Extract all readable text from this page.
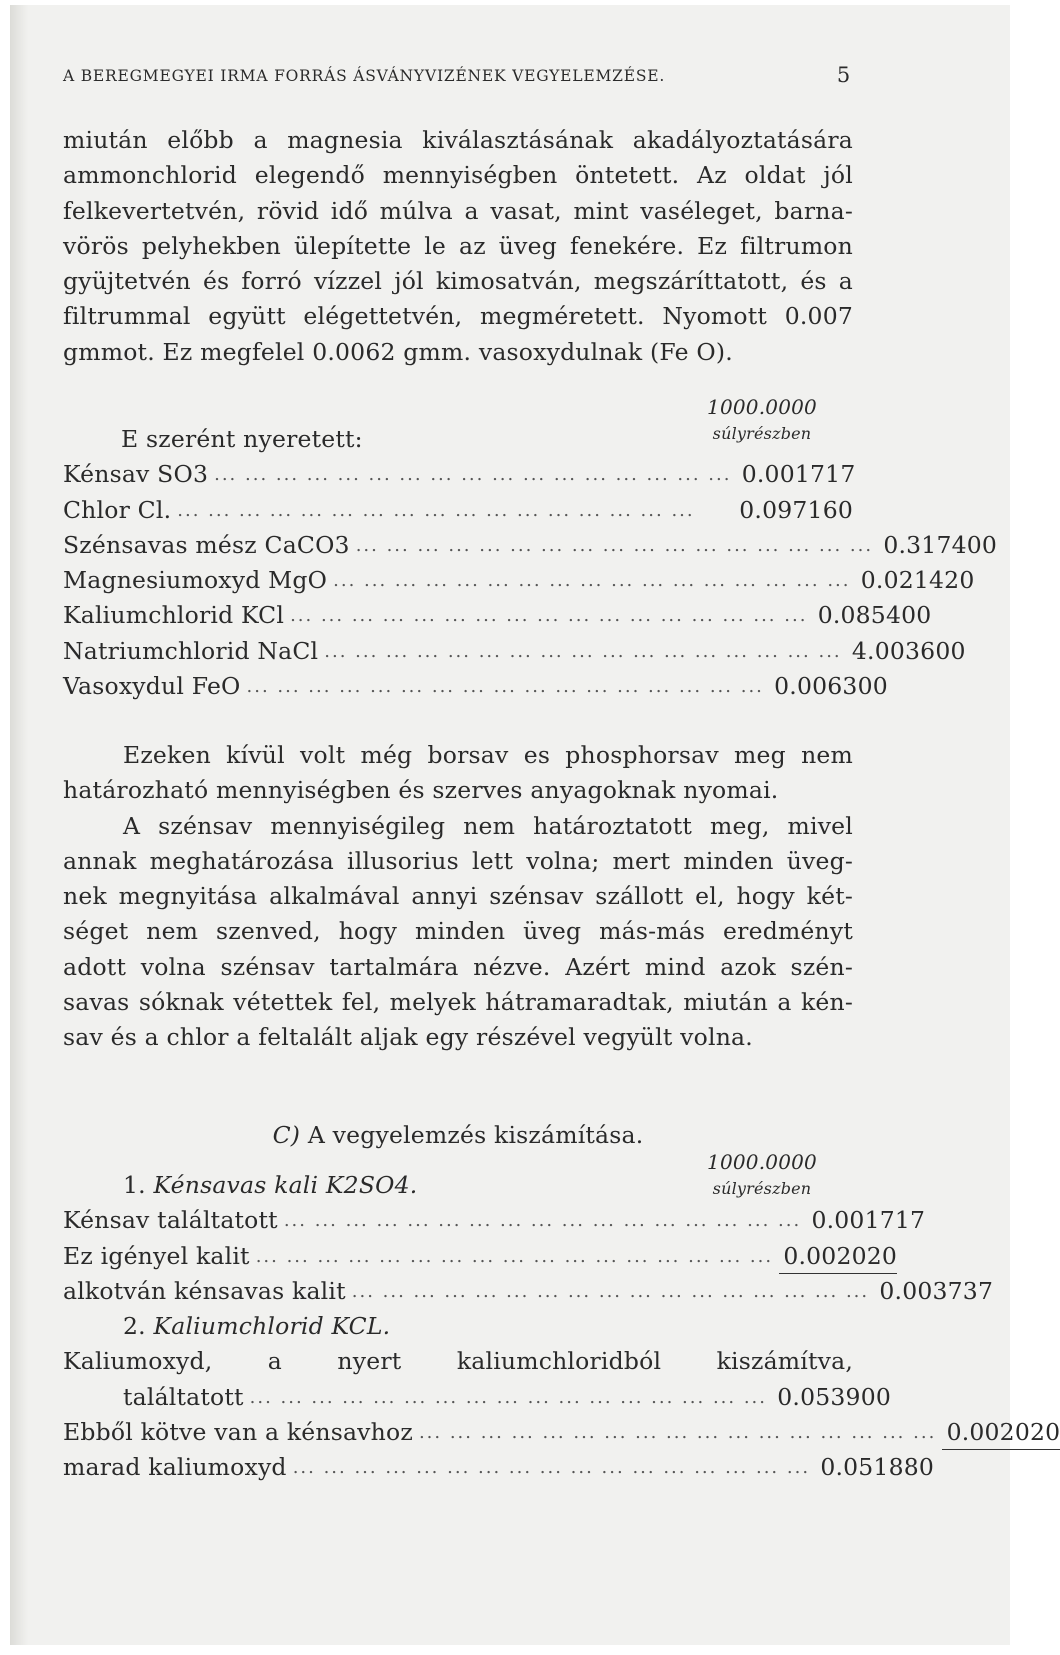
A BEREGMEGYEI IRMA FORRÁS ÁSVÁNYVIZÉNEK VEGYELEMZÉSE.	5
miután előbb a magnesia kiválasztásának akadályoztatására
ammonchlorid elegendő mennyiségben öntetett. Az oldat jól
felkevertetvén, rövid idő múlva a vasat, mint vaséleget, barna-
vörös pelyhekben ülepítette le az üveg fenekére. Ez filtrumon
gyüjtetvén és forró vízzel jól kimosatván, megszáríttatott, és a
filtrummal együtt elégettetvén, megméretett. Nyomott 0.007
gmmot. Ez megfelel 0.0062 gmm. vasoxydulnak (Fe O).
1000.0000
súlyrészben
E szerént nyeretett:
Kénsav SO3 ... ... ... ... ... ... ... ... ... ... ... ... ... ... ... ... ... 0.001717
Chlor Cl. ... ... ... ... ... ... ... ... ... ... ... ... ... ... ... ... ...	0.097160
Szénsavas mész CaCO3 ... ... ... ... ... ... ... ... ... ... ... ... ... ... ... ... ... 0.317400
Magnesiumoxyd MgO ... ... ... ... ... ... ... ... ... ... ... ... ... ... ... ... ... 0.021420
Kaliumchlorid KCl ... ... ... ... ... ... ... ... ... ... ... ... ... ... ... ... ... 0.085400
Natriumchlorid NaCl ... ... ... ... ... ... ... ... ... ... ... ... ... ... ... ... ... 4.003600
Vasoxydul FeO ... ... ... ... ... ... ... ... ... ... ... ... ... ... ... ... ... 0.006300
Ezeken kívül volt még borsav es phosphorsav meg nem
határozható mennyiségben és szerves anyagoknak nyomai.
A szénsav mennyiségileg nem határoztatott meg, mivel
annak meghatározása illusorius lett volna; mert minden üveg-
nek megnyitása alkalmával annyi szénsav szállott el, hogy két-
séget nem szenved, hogy minden üveg más-más eredményt
adott volna szénsav tartalmára nézve. Azért mind azok szén-
savas sóknak vétettek fel, melyek hátramaradtak, miután a kén-
sav és a chlor a feltalált aljak egy részével vegyült volna.
C) A vegyelemzés kiszámítása.
1000.0000
súlyrészben
1. Kénsavas kali K2SO4.
Kénsav találtatott ... ... ... ... ... ... ... ... ... ... ... ... ... ... ... ... ... 0.001717
Ez igényel kalit ... ... ... ... ... ... ... ... ... ... ... ... ... ... ... ... ... 0.002020
alkotván kénsavas kalit ... ... ... ... ... ... ... ... ... ... ... ... ... ... ... ... ... 0.003737
2. Kaliumchlorid KCL.
Kaliumoxyd, a nyert kaliumchloridból kiszámítva,
találtatott ... ... ... ... ... ... ... ... ... ... ... ... ... ... ... ... ... 0.053900
Ebből kötve van a kénsavhoz ... ... ... ... ... ... ... ... ... ... ... ... ... ... ... ... ... 0.002020
marad kaliumoxyd ... ... ... ... ... ... ... ... ... ... ... ... ... ... ... ... ... 0.051880
